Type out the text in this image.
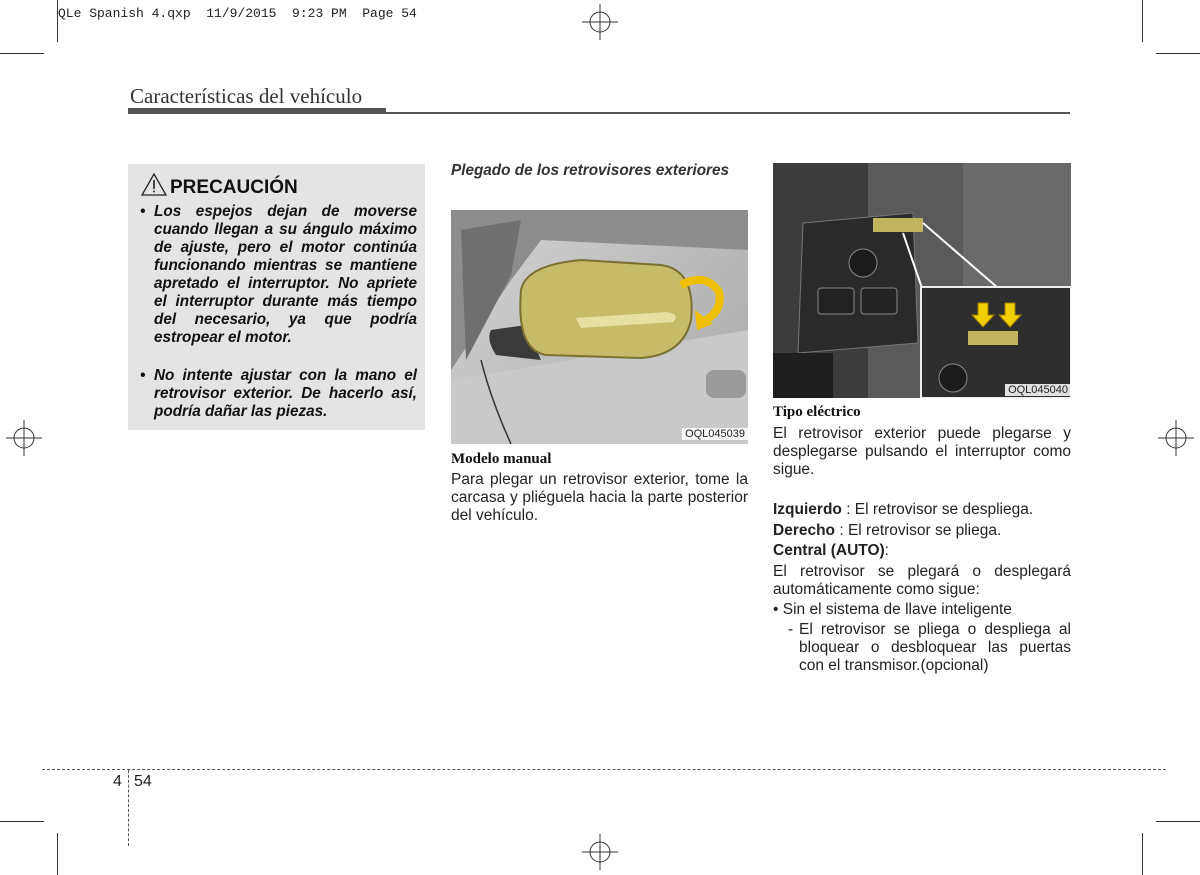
QLe Spanish 4.qxp  11/9/2015  9:23 PM  Page 54
Características del vehículo
PRECAUCIÓN
• Los espejos dejan de moverse cuando llegan a su ángulo máximo de ajuste, pero el motor continúa funcionando mientras se mantiene apretado el interruptor. No apriete el interruptor durante más tiempo del necesario, ya que podría estropear el motor.
• No intente ajustar con la mano el retrovisor exterior. De hacerlo así, podría dañar las piezas.
Plegado de los retrovisores exteriores
OQL045039
Modelo manual
Para plegar un retrovisor exterior, tome la carcasa y pliéguela hacia la parte posterior del vehículo.
OQL045040
Tipo eléctrico
El retrovisor exterior puede plegarse y desplegarse pulsando el interruptor como sigue.
Izquierdo : El retrovisor se despliega.
Derecho : El retrovisor se pliega.
Central (AUTO):
El retrovisor se plegará o desplegará automáticamente como sigue:
• Sin el sistema de llave inteligente
- El retrovisor se pliega o despliega al bloquear o desbloquear las puertas con el transmisor.(opcional)
4 54
